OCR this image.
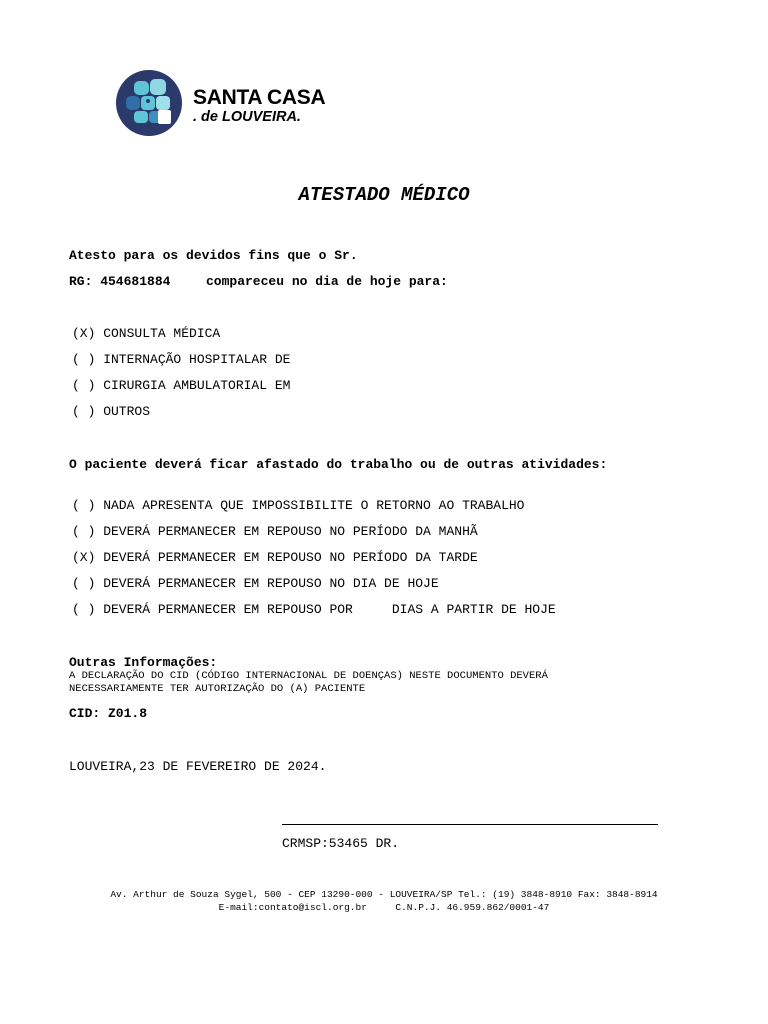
SANTA CASA
. de LOUVEIRA.
ATESTADO MÉDICO
Atesto para os devidos fins que o Sr.
RG: 454681884	compareceu no dia de hoje para:
(X) CONSULTA MÉDICA
( ) INTERNAÇÃO HOSPITALAR DE
( ) CIRURGIA AMBULATORIAL EM
( ) OUTROS
O paciente deverá ficar afastado do trabalho ou de outras atividades:
( ) NADA APRESENTA QUE IMPOSSIBILITE O RETORNO AO TRABALHO
( ) DEVERÁ PERMANECER EM REPOUSO NO PERÍODO DA MANHÃ
(X) DEVERÁ PERMANECER EM REPOUSO NO PERÍODO DA TARDE
( ) DEVERÁ PERMANECER EM REPOUSO NO DIA DE HOJE
( ) DEVERÁ PERMANECER EM REPOUSO POR     DIAS A PARTIR DE HOJE
Outras Informações:
A DECLARAÇÃO DO CID (CÓDIGO INTERNACIONAL DE DOENÇAS) NESTE DOCUMENTO DEVERÁ
NECESSARIAMENTE TER AUTORIZAÇÃO DO (A) PACIENTE
CID: Z01.8
LOUVEIRA,23 DE FEVEREIRO DE 2024.
CRMSP:53465 DR.
Av. Arthur de Souza Sygel, 500 - CEP 13290-000 - LOUVEIRA/SP Tel.: (19) 3848-8910 Fax: 3848-8914
E-mail:contato@iscl.org.br     C.N.P.J. 46.959.862/0001-47
